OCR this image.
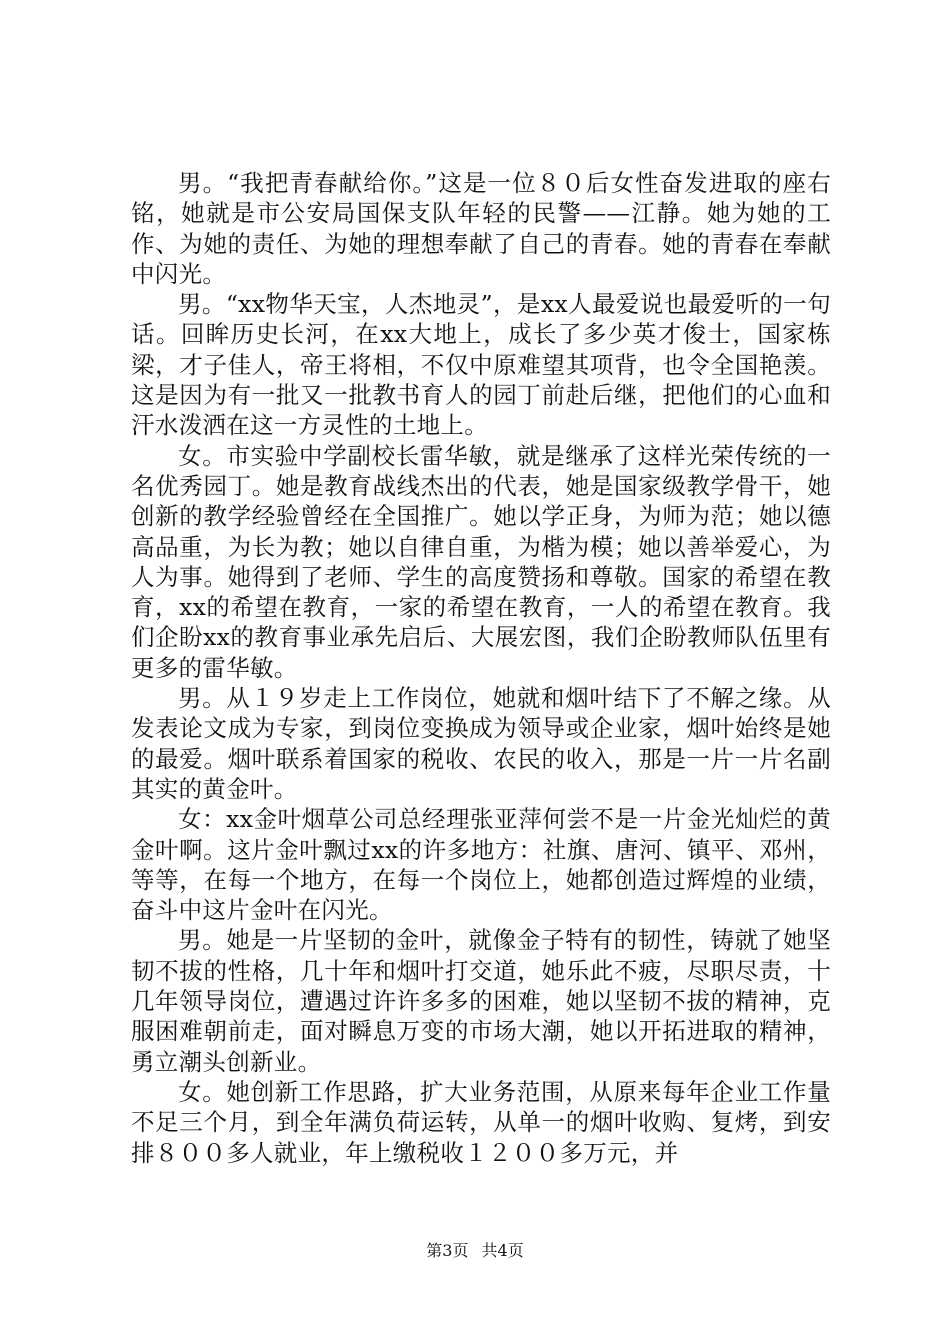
男。“我把青春献给你。”这是一位８０后女性奋发进取的座右铭，她就是市公安局国保支队年轻的民警——江静。她为她的工作、为她的责任、为她的理想奉献了自己的青春。她的青春在奉献中闪光。

男。“xx物华天宝，人杰地灵”，是xx人最爱说也最爱听的一句话。回眸历史长河，在xx大地上，成长了多少英才俊士，国家栋梁，才子佳人，帝王将相，不仅中原难望其项背，也令全国艳羡。这是因为有一批又一批教书育人的园丁前赴后继，把他们的心血和汗水泼洒在这一方灵性的土地上。

女。市实验中学副校长雷华敏，就是继承了这样光荣传统的一名优秀园丁。她是教育战线杰出的代表，她是国家级教学骨干，她创新的教学经验曾经在全国推广。她以学正身，为师为范；她以德高品重，为长为教；她以自律自重，为楷为模；她以善举爱心，为人为事。她得到了老师、学生的高度赞扬和尊敬。国家的希望在教育，xx的希望在教育，一家的希望在教育，一人的希望在教育。我们企盼xx的教育事业承先启后、大展宏图，我们企盼教师队伍里有更多的雷华敏。

男。从１９岁走上工作岗位，她就和烟叶结下了不解之缘。从发表论文成为专家，到岗位变换成为领导或企业家，烟叶始终是她的最爱。烟叶联系着国家的税收、农民的收入，那是一片一片名副其实的黄金叶。

女：xx金叶烟草公司总经理张亚萍何尝不是一片金光灿烂的黄金叶啊。这片金叶飘过xx的许多地方：社旗、唐河、镇平、邓州，等等，在每一个地方，在每一个岗位上，她都创造过辉煌的业绩，奋斗中这片金叶在闪光。

男。她是一片坚韧的金叶，就像金子特有的韧性，铸就了她坚韧不拔的性格，几十年和烟叶打交道，她乐此不疲，尽职尽责，十几年领导岗位，遭遇过许许多多的困难，她以坚韧不拔的精神，克服困难朝前走，面对瞬息万变的市场大潮，她以开拓进取的精神，勇立潮头创新业。

女。她创新工作思路，扩大业务范围，从原来每年企业工作量不足三个月，到全年满负荷运转，从单一的烟叶收购、复烤，到安排８００多人就业，年上缴税收１２００多万元，并

第3页 共4页
